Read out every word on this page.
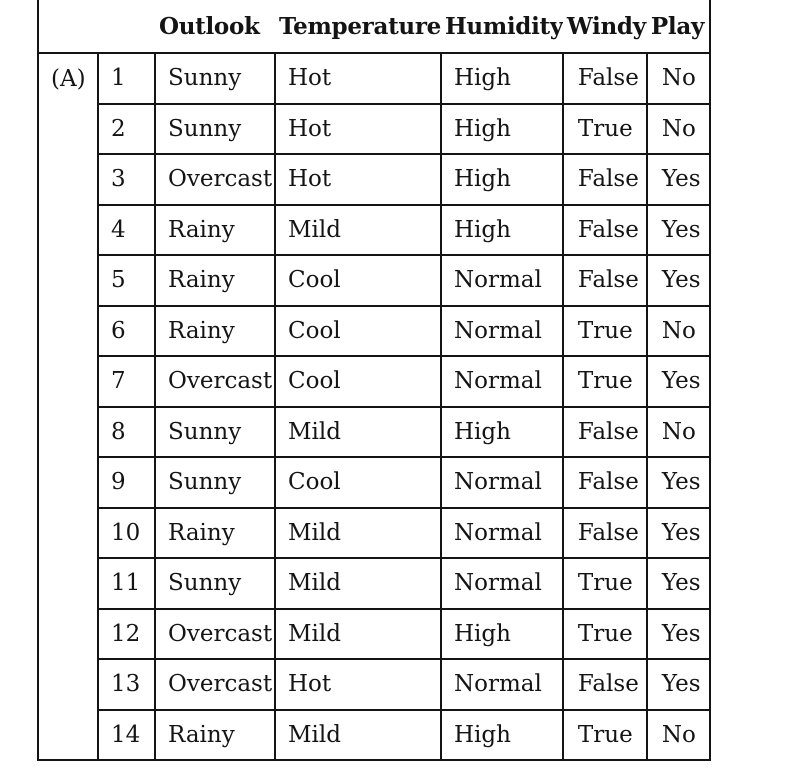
		Outlook	Temperature	Humidity	Windy	Play
(A)	1	Sunny	Hot	High	False	No
	2	Sunny	Hot	High	True	No
	3	Overcast	Hot	High	False	Yes
	4	Rainy	Mild	High	False	Yes
	5	Rainy	Cool	Normal	False	Yes
	6	Rainy	Cool	Normal	True	No
	7	Overcast	Cool	Normal	True	Yes
	8	Sunny	Mild	High	False	No
	9	Sunny	Cool	Normal	False	Yes
	10	Rainy	Mild	Normal	False	Yes
	11	Sunny	Mild	Normal	True	Yes
	12	Overcast	Mild	High	True	Yes
	13	Overcast	Hot	Normal	False	Yes
	14	Rainy	Mild	High	True	No
